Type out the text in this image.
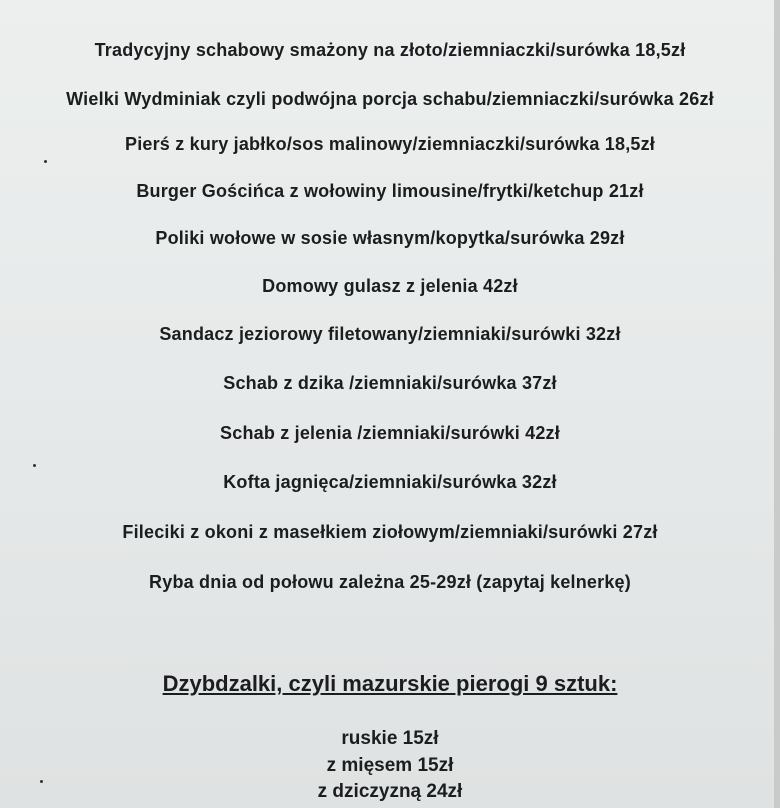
Tradycyjny schabowy smażony na złoto/ziemniaczki/surówka 18,5zł
Wielki Wydminiak czyli podwójna porcja schabu/ziemniaczki/surówka 26zł
Pierś z kury jabłko/sos malinowy/ziemniaczki/surówka 18,5zł
Burger Gościńca z wołowiny limousine/frytki/ketchup 21zł
Poliki wołowe w sosie własnym/kopytka/surówka 29zł
Domowy gulasz z jelenia 42zł
Sandacz jeziorowy filetowany/ziemniaki/surówki 32zł
Schab z dzika /ziemniaki/surówka 37zł
Schab z jelenia /ziemniaki/surówki 42zł
Kofta jagnięca/ziemniaki/surówka 32zł
Fileciki z okoni z masełkiem ziołowym/ziemniaki/surówki 27zł
Ryba dnia od połowu zależna 25-29zł (zapytaj kelnerkę)
Dzybdzalki, czyli mazurskie pierogi 9 sztuk:
ruskie 15zł
z mięsem 15zł
z dziczyzną 24zł
